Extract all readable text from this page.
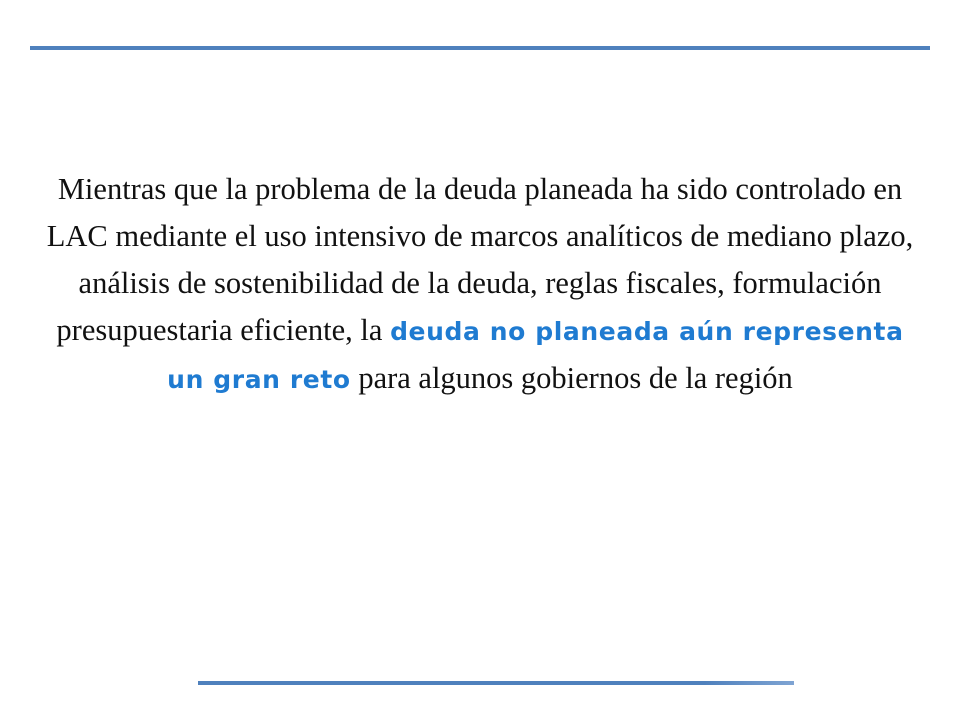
Mientras que la problema de la deuda planeada ha sido controlado en LAC mediante el uso intensivo de marcos analíticos de mediano plazo, análisis de sostenibilidad de la deuda, reglas fiscales, formulación presupuestaria eficiente, la deuda no planeada aún representa un gran reto para algunos gobiernos de la región
